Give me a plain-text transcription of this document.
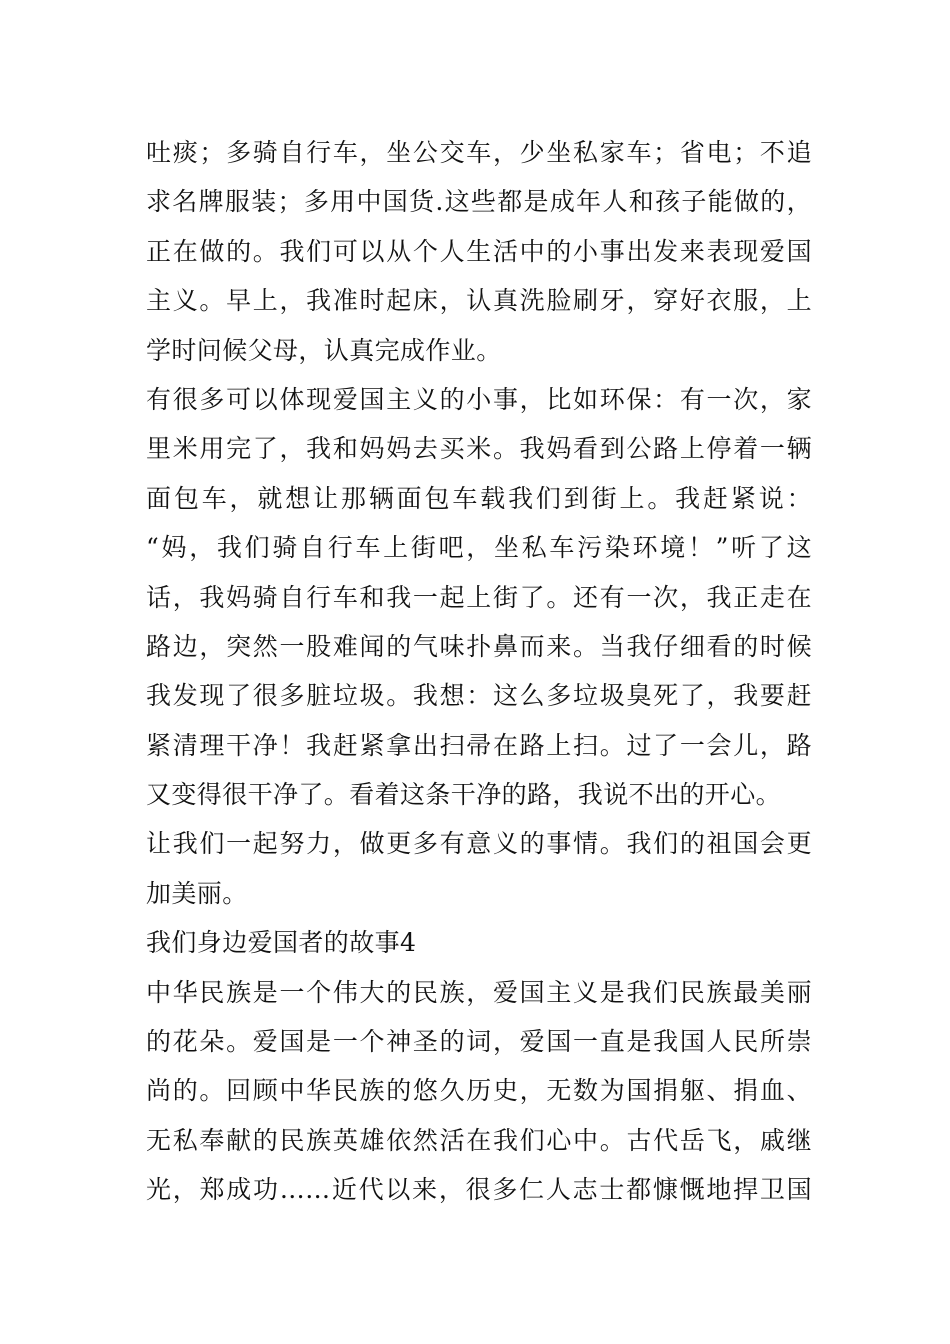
吐痰；多骑自行车，坐公交车，少坐私家车；省电；不追
求名牌服装；多用中国货.这些都是成年人和孩子能做的，
正在做的。我们可以从个人生活中的小事出发来表现爱国
主义。早上，我准时起床，认真洗脸刷牙，穿好衣服，上
学时问候父母，认真完成作业。
有很多可以体现爱国主义的小事，比如环保：有一次，家
里米用完了，我和妈妈去买米。我妈看到公路上停着一辆
面包车，就想让那辆面包车载我们到街上。我赶紧说：
“妈，我们骑自行车上街吧，坐私车污染环境！”听了这
话，我妈骑自行车和我一起上街了。还有一次，我正走在
路边，突然一股难闻的气味扑鼻而来。当我仔细看的时候
我发现了很多脏垃圾。我想：这么多垃圾臭死了，我要赶
紧清理干净！我赶紧拿出扫帚在路上扫。过了一会儿，路
又变得很干净了。看着这条干净的路，我说不出的开心。
让我们一起努力，做更多有意义的事情。我们的祖国会更
加美丽。
我们身边爱国者的故事4
中华民族是一个伟大的民族，爱国主义是我们民族最美丽
的花朵。爱国是一个神圣的词，爱国一直是我国人民所崇
尚的。回顾中华民族的悠久历史，无数为国捐躯、捐血、
无私奉献的民族英雄依然活在我们心中。古代岳飞，戚继
光，郑成功……近代以来，很多仁人志士都慷慨地捍卫国
